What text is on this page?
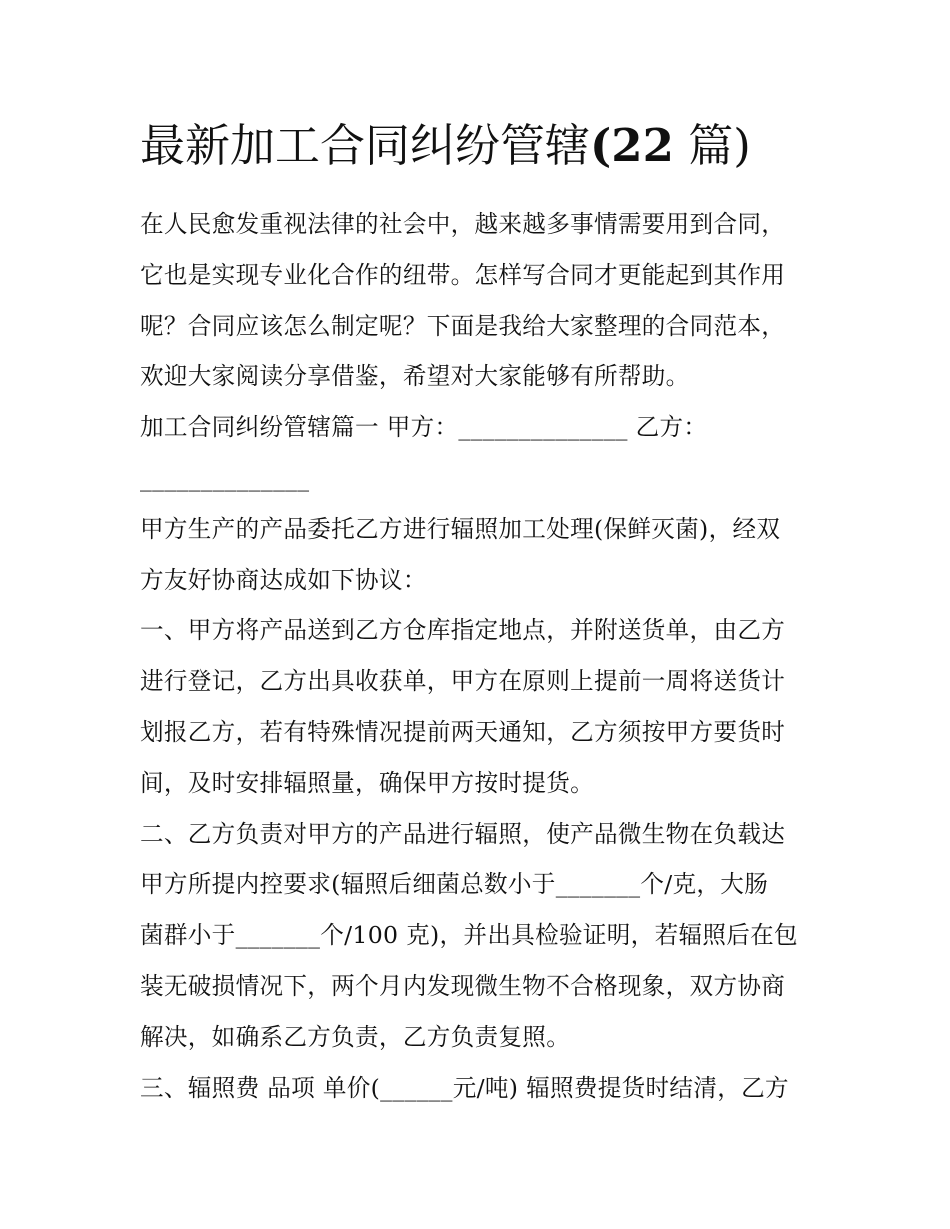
最新加工合同纠纷管辖(22 篇)

在人民愈发重视法律的社会中，越来越多事情需要用到合同，
它也是实现专业化合作的纽带。怎样写合同才更能起到其作用
呢？合同应该怎么制定呢？下面是我给大家整理的合同范本，
欢迎大家阅读分享借鉴，希望对大家能够有所帮助。

加工合同纠纷管辖篇一 甲方：______________ 乙方：
______________

甲方生产的产品委托乙方进行辐照加工处理(保鲜灭菌)，经双
方友好协商达成如下协议：

一、甲方将产品送到乙方仓库指定地点，并附送货单，由乙方
进行登记，乙方出具收获单，甲方在原则上提前一周将送货计
划报乙方，若有特殊情况提前两天通知，乙方须按甲方要货时
间，及时安排辐照量，确保甲方按时提货。

二、乙方负责对甲方的产品进行辐照，使产品微生物在负载达
甲方所提内控要求(辐照后细菌总数小于_______个/克，大肠
菌群小于_______个/100 克)，并出具检验证明，若辐照后在包
装无破损情况下，两个月内发现微生物不合格现象，双方协商
解决，如确系乙方负责，乙方负责复照。

三、辐照费 品项 单价(______元/吨) 辐照费提货时结清，乙方
